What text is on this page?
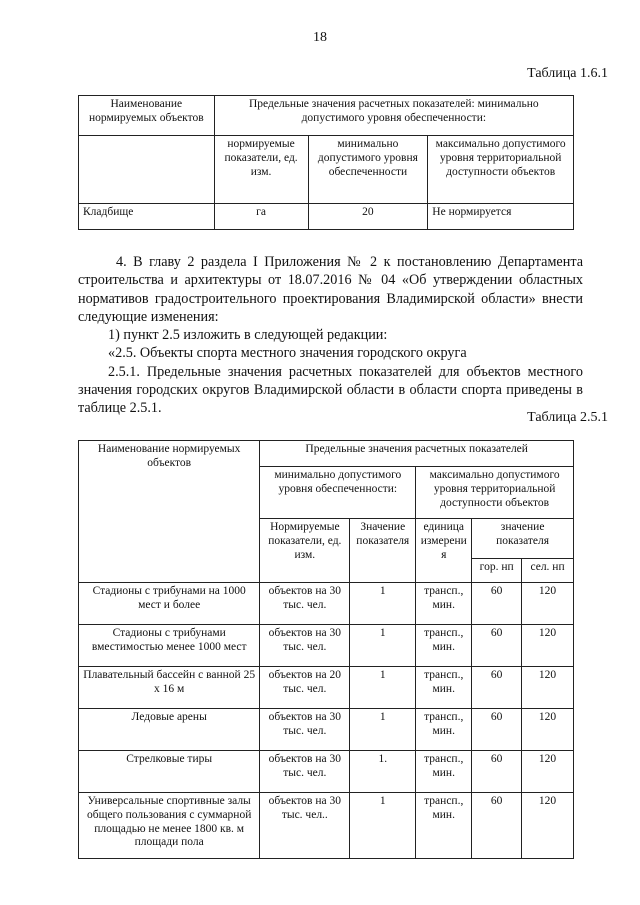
18
Таблица 1.6.1
Наименование нормируемых объектов	Предельные значения расчетных показателей: минимально допустимого уровня обеспеченности:		
	нормируемые показатели, ед. изм.	минимально допустимого уровня обеспеченности	максимально допустимого уровня территориальной доступности объектов
Кладбище	га	20	Не нормируется

4. В главу 2 раздела I Приложения № 2 к постановлению Департамента строительства и архитектуры от 18.07.2016 № 04 «Об утверждении областных нормативов градостроительного проектирования Владимирской области» внести следующие изменения:

1) пункт 2.5 изложить в следующей редакции:

«2.5. Объекты спорта местного значения городского округа

2.5.1. Предельные значения расчетных показателей для объектов местного значения городских округов Владимирской области в области спорта приведены в таблице 2.5.1.

Таблица 2.5.1
Наименование нормируемых объектов	Предельные значения расчетных показателей				
	минимально допустимого уровня обеспеченности:		максимально допустимого уровня территориальной доступности объектов		
	Нормируемые показатели, ед. изм.	Значение показателя	единица измерени я	значение показателя	
				гор. нп	сел. нп
Стадионы с трибунами на 1000 мест и более	объектов на 30 тыс. чел.	1	трансп., мин.	60	120
Стадионы с трибунами вместимостью менее 1000 мест	объектов на 30 тыс. чел.	1	трансп., мин.	60	120
Плавательный бассейн с ванной 25 х 16 м	объектов на 20 тыс. чел.	1	трансп., мин.	60	120
Ледовые арены	объектов на 30 тыс. чел.	1	трансп., мин.	60	120
Стрелковые тиры	объектов на 30 тыс. чел.	1.	трансп., мин.	60	120
Универсальные спортивные залы общего пользования с суммарной площадью не менее 1800 кв. м площади пола	объектов на 30 тыс. чел..	1	трансп., мин.	60	120
